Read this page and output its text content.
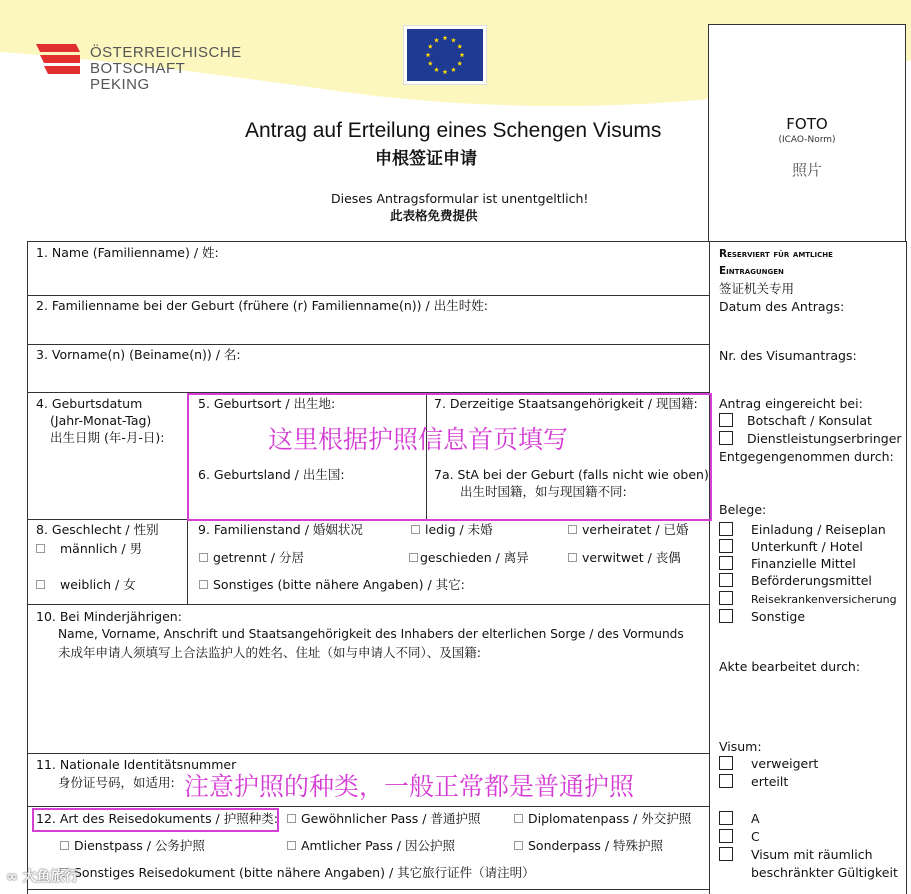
ÖSTERREICHISCHE
BOTSCHAFT
PEKING
Antrag auf Erteilung eines Schengen Visums
申根签证申请
Dieses Antragsformular ist unentgeltlich!
此表格免费提供
FOTO
(ICAO-Norm)
照片
1. Name (Familienname) / 姓:
2. Familienname bei der Geburt (frühere (r) Familienname(n)) / 出生时姓:
3. Vorname(n) (Beiname(n)) / 名:
4. Geburtsdatum
(Jahr-Monat-Tag)
出生日期 (年-月-日):
5. Geburtsort / 出生地:
6. Geburtsland / 出生国:
7. Derzeitige Staatsangehörigkeit / 现国籍:
7a. StA bei der Geburt (falls nicht wie oben)
出生时国籍，如与现国籍不同:
这里根据护照信息首页填写
8. Geschlecht / 性别
männlich / 男
weiblich / 女
9. Familienstand / 婚姻状况	ledig / 未婚	verheiratet / 已婚
getrennt / 分居	geschieden / 离异	verwitwet / 丧偶
Sonstiges (bitte nähere Angaben) / 其它:
10. Bei Minderjährigen:
Name, Vorname, Anschrift und Staatsangehörigkeit des Inhabers der elterlichen Sorge / des Vormunds
未成年申请人须填写上合法监护人的姓名、住址（如与申请人不同）、及国籍:
11. Nationale Identitätsnummer
身份证号码，如适用: 注意护照的种类，一般正常都是普通护照
12. Art des Reisedokuments / 护照种类:	Gewöhnlicher Pass / 普通护照	Diplomatenpass / 外交护照
Dienstpass / 公务护照	Amtlicher Pass / 因公护照	Sonderpass / 特殊护照
Sonstiges Reisedokument (bitte nähere Angaben) / 其它旅行证件（请注明）
Reserviert für amtliche
Eintragungen
签证机关专用
Datum des Antrags:
Nr. des Visumantrags:
Antrag eingereicht bei:
Botschaft / Konsulat
Dienstleistungserbringer
Entgegengenommen durch:
Belege:
Einladung / Reiseplan
Unterkunft / Hotel
Finanzielle Mittel
Beförderungsmittel
Reisekrankenversicherung
Sonstige
Akte bearbeitet durch:
Visum:
verweigert
erteilt
A
C
Visum mit räumlich
beschränkter Gültigkeit
∞ 大鱼旅行
